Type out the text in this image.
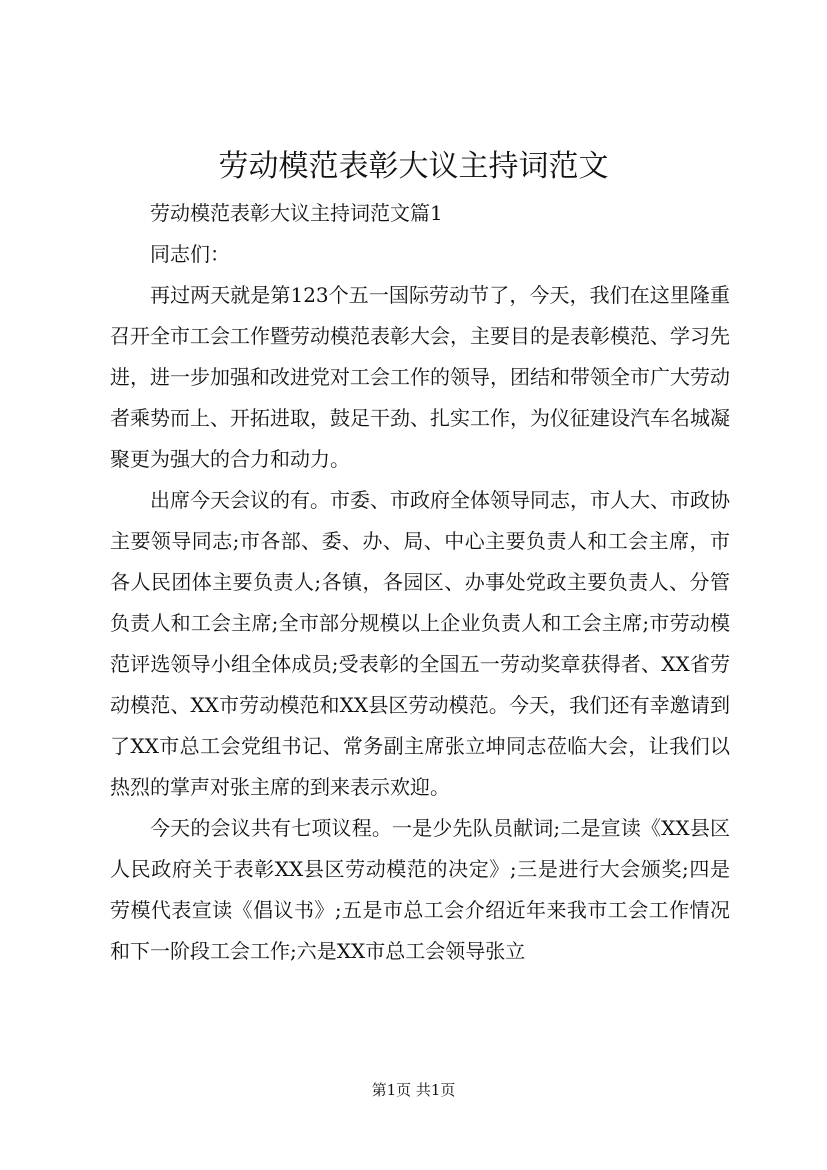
劳动模范表彰大议主持词范文

劳动模范表彰大议主持词范文篇1

同志们：

再过两天就是第123个五一国际劳动节了，今天，我们在这里隆重召开全市工会工作暨劳动模范表彰大会，主要目的是表彰模范、学习先进，进一步加强和改进党对工会工作的领导，团结和带领全市广大劳动者乘势而上、开拓进取，鼓足干劲、扎实工作，为仪征建设汽车名城凝聚更为强大的合力和动力。

出席今天会议的有。市委、市政府全体领导同志，市人大、市政协主要领导同志;市各部、委、办、局、中心主要负责人和工会主席，市各人民团体主要负责人;各镇，各园区、办事处党政主要负责人、分管负责人和工会主席;全市部分规模以上企业负责人和工会主席;市劳动模范评选领导小组全体成员;受表彰的全国五一劳动奖章获得者、XX省劳动模范、XX市劳动模范和XX县区劳动模范。今天，我们还有幸邀请到了XX市总工会党组书记、常务副主席张立坤同志莅临大会，让我们以热烈的掌声对张主席的到来表示欢迎。

今天的会议共有七项议程。一是少先队员献词;二是宣读《XX县区人民政府关于表彰XX县区劳动模范的决定》;三是进行大会颁奖;四是劳模代表宣读《倡议书》;五是市总工会介绍近年来我市工会工作情况和下一阶段工会工作;六是XX市总工会领导张立

第1页 共1页
